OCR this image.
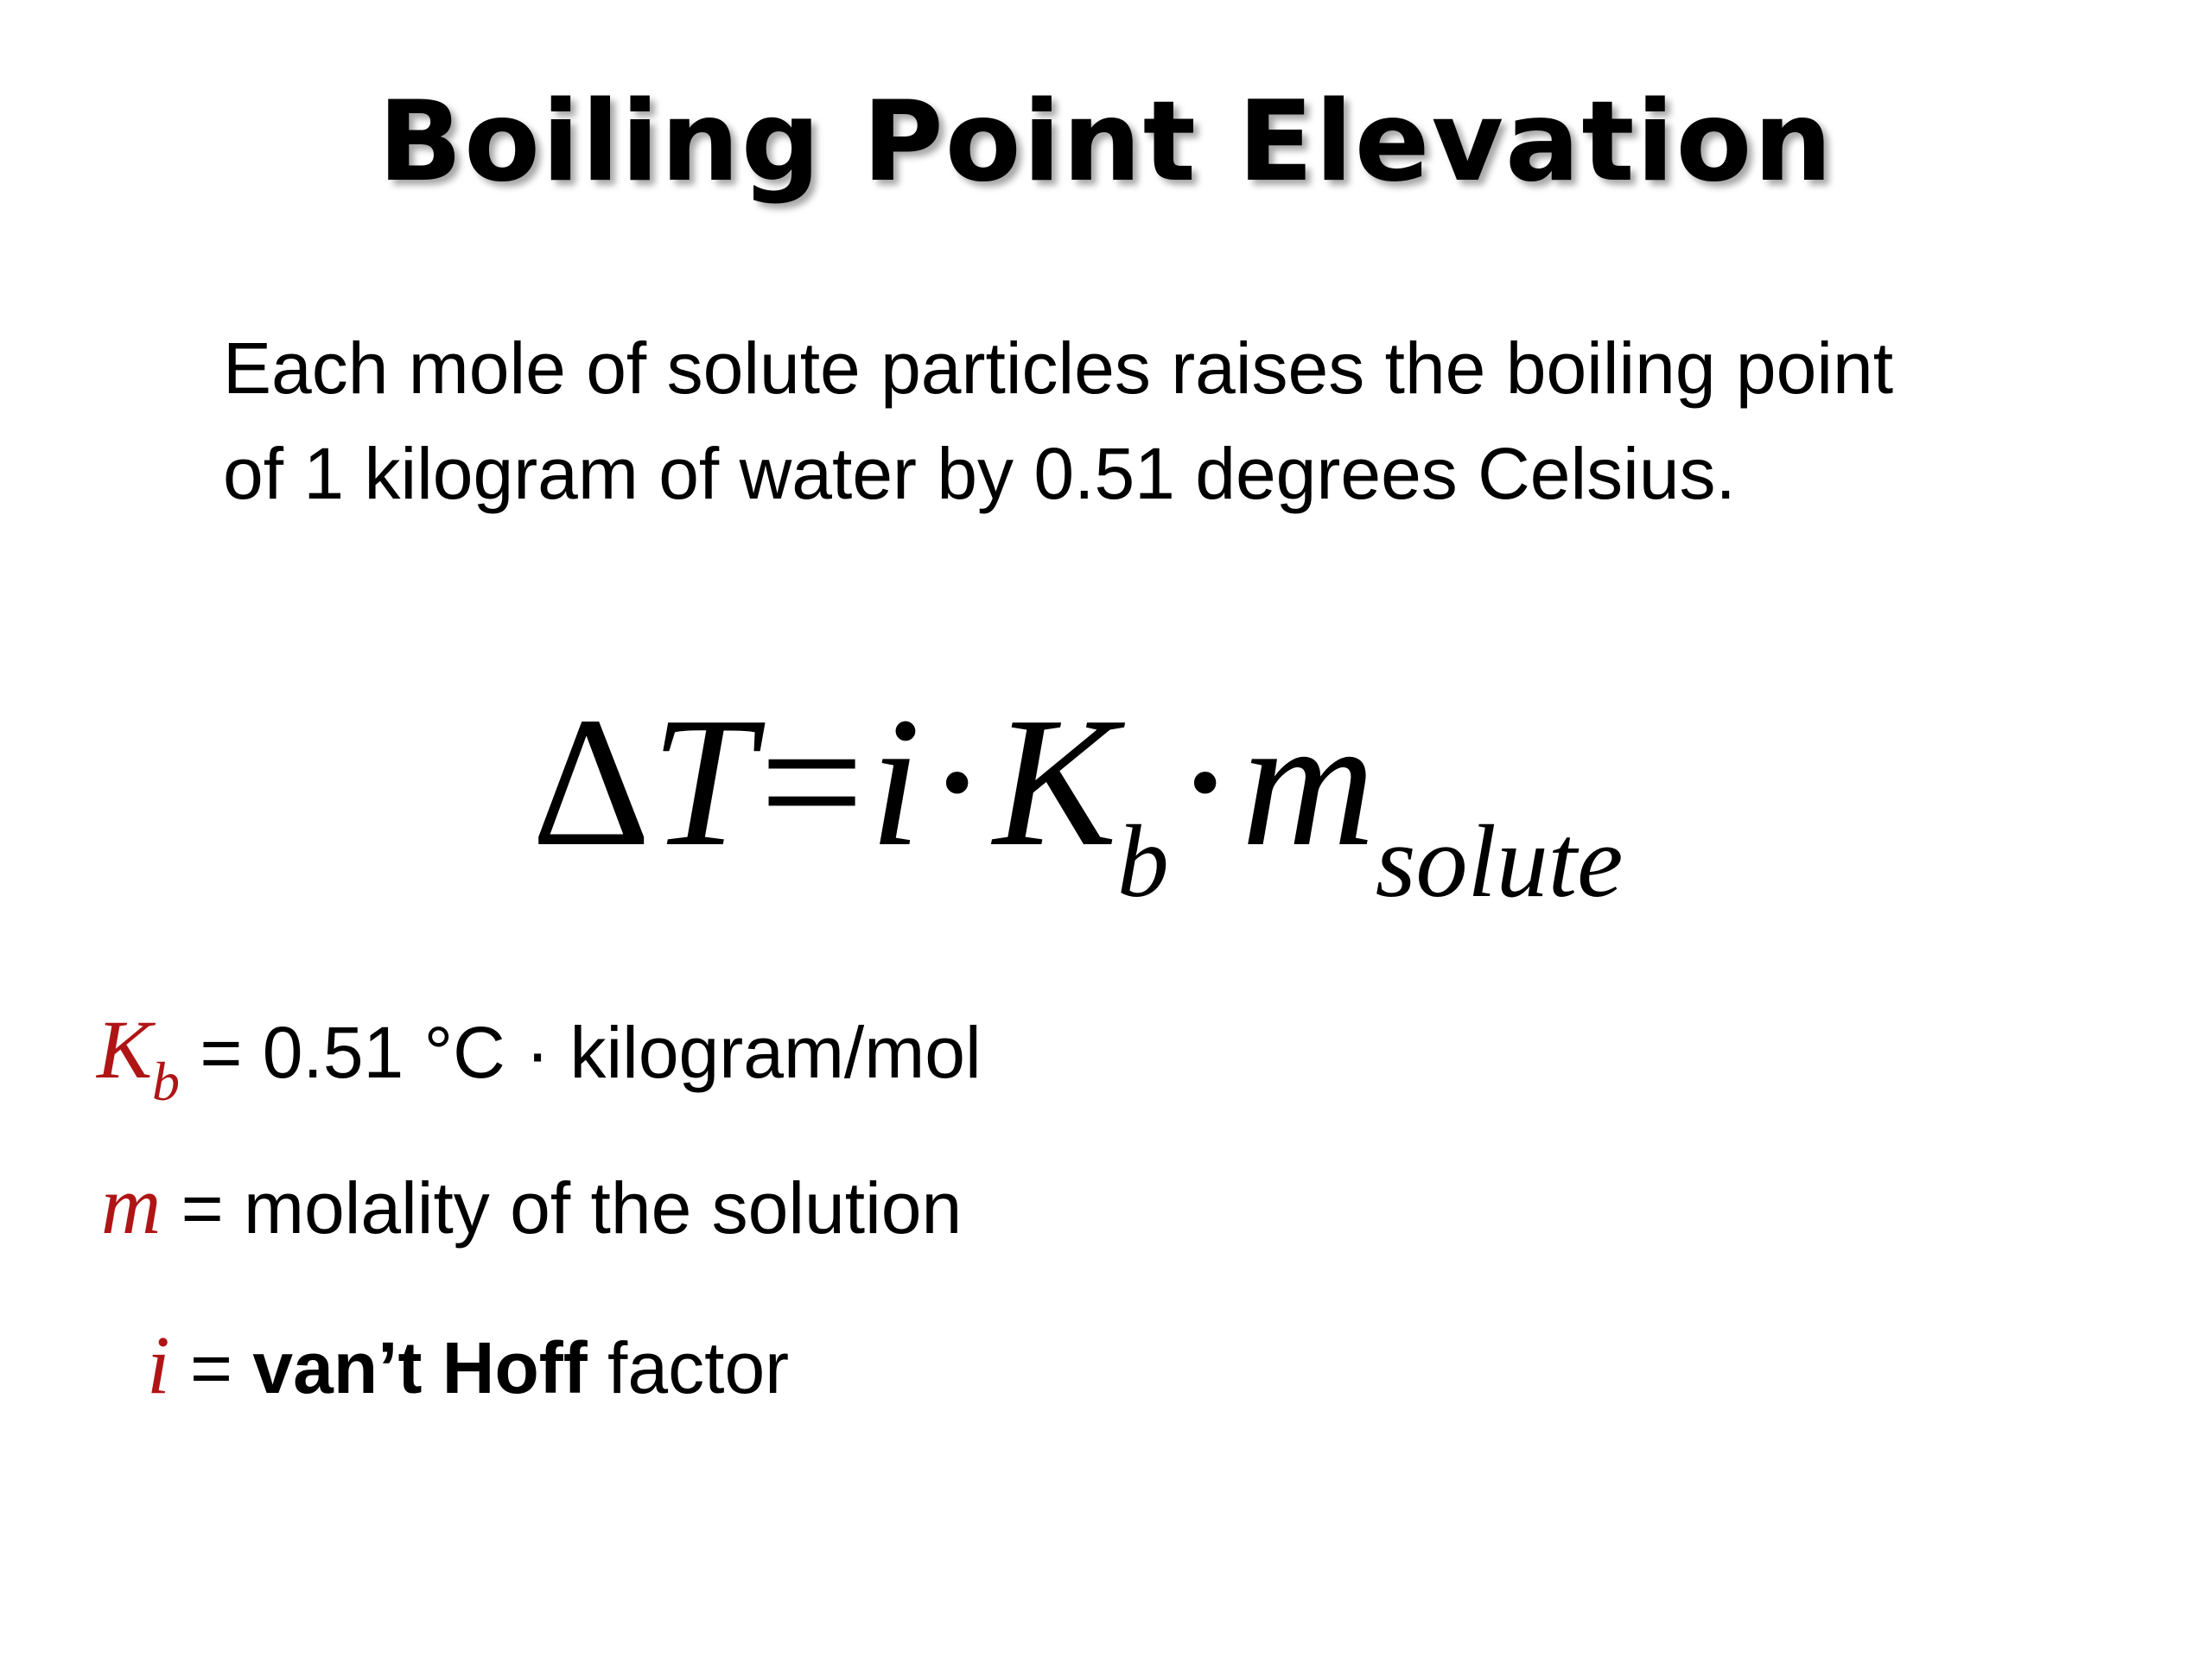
Boiling Point Elevation

Each mole of solute particles raises the boiling point of 1 kilogram of water by 0.51 degrees Celsius.

$\Delta T=i\cdot K_b\cdot m_{solute}$
$K_b = 0.51$ °C · kilogram/mol
m = molality of the solution
i = van’t Hoff factor
